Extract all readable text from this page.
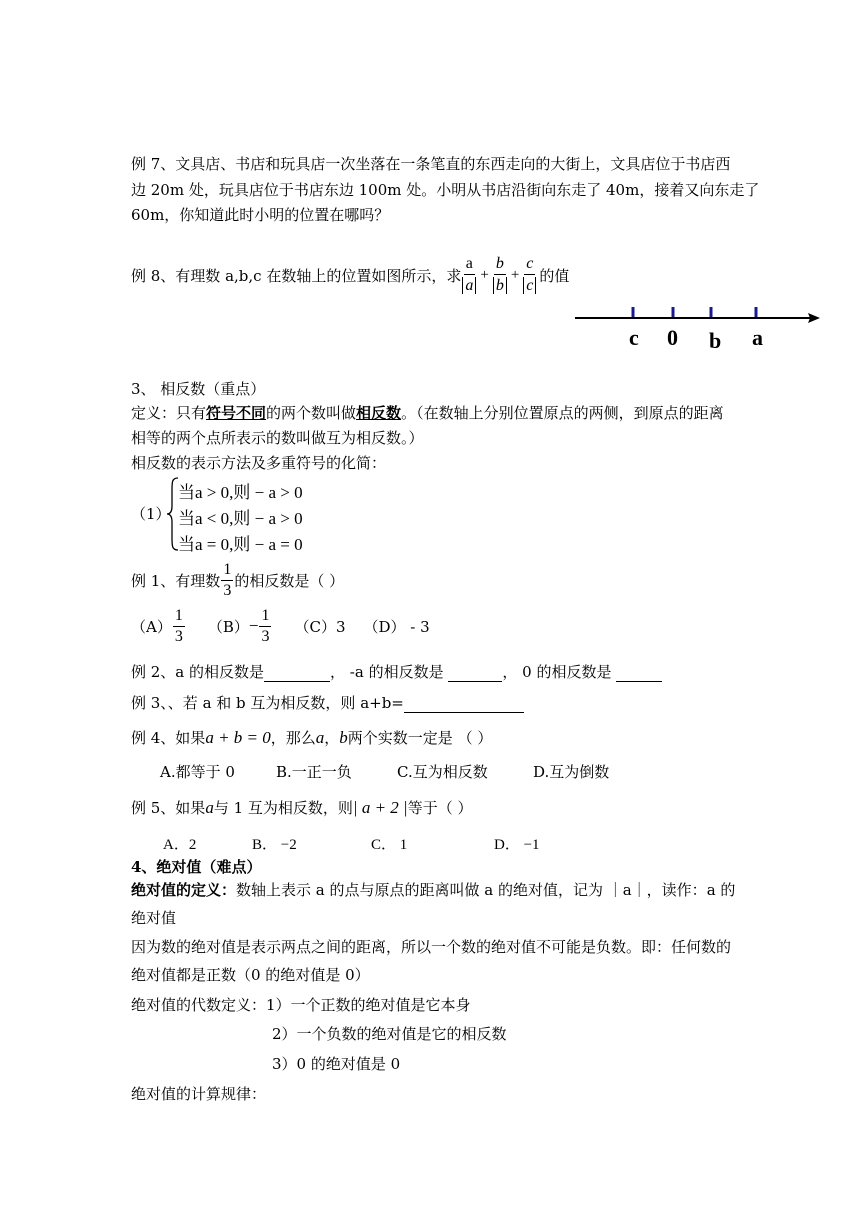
例 7、文具店、书店和玩具店一次坐落在一条笔直的东西走向的大街上，文具店位于书店西
边 20m 处，玩具店位于书店东边 100m 处。小明从书店沿街向东走了 40m，接着又向东走了
60m，你知道此时小明的位置在哪吗？
例 8、有理数 a,b,c 在数轴上的位置如图所示，求 $\frac{a}{a} + \frac{b}{b} + \frac{c}{c}$ 的值
c 0 b a
3、 相反数（重点）
定义：只有符号不同的两个数叫做相反数。（在数轴上分别位置原点的两侧，到原点的距离
相等的两个点所表示的数叫做互为相反数。）
相反数的表示方法及多重符号的化简：
（1）
当a > 0,则 − a > 0
当a < 0,则 − a > 0
当a = 0,则 − a = 0
例 1、有理数 $\frac{1}{3}$ 的相反数是（ ）
$(A) \frac{1}{3} (B) - \frac{1}{3} (C)3$ （D） - 3
例 2、a 的相反数是	， -a 的相反数是	， 0 的相反数是
例 3、、若 a 和 b 互为相反数，则 a+b=
例 4、如果a + b = 0，那么a，b两个实数一定是 （ ）
A.都等于 0	B.一正一负	C.互为相反数	D.互为倒数
例 5、如果a与 1 互为相反数，则| a + 2 |等于（ ）
A．2	B． −2	C． 1	D． −1
4、绝对值（难点）
绝对值的定义：数轴上表示 a 的点与原点的距离叫做 a 的绝对值，记为 ｜a｜，读作：a 的
绝对值
因为数的绝对值是表示两点之间的距离，所以一个数的绝对值不可能是负数。即：任何数的
绝对值都是正数（0 的绝对值是 0）
绝对值的代数定义：1）一个正数的绝对值是它本身
2）一个负数的绝对值是它的相反数
3）0 的绝对值是 0
绝对值的计算规律：
